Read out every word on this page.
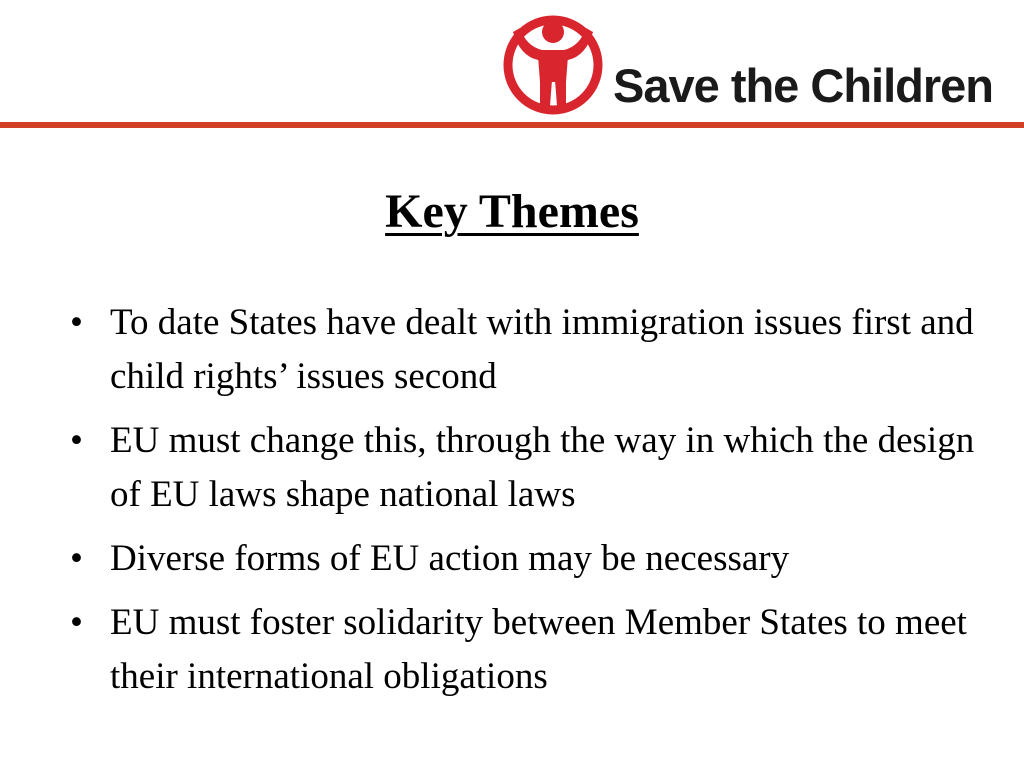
Save the Children
Key Themes
• To date States have dealt with immigration issues first and child rights’ issues second
• EU must change this, through the way in which the design of EU laws shape national laws
• Diverse forms of EU action may be necessary
• EU must foster solidarity between Member States to meet their international obligations
